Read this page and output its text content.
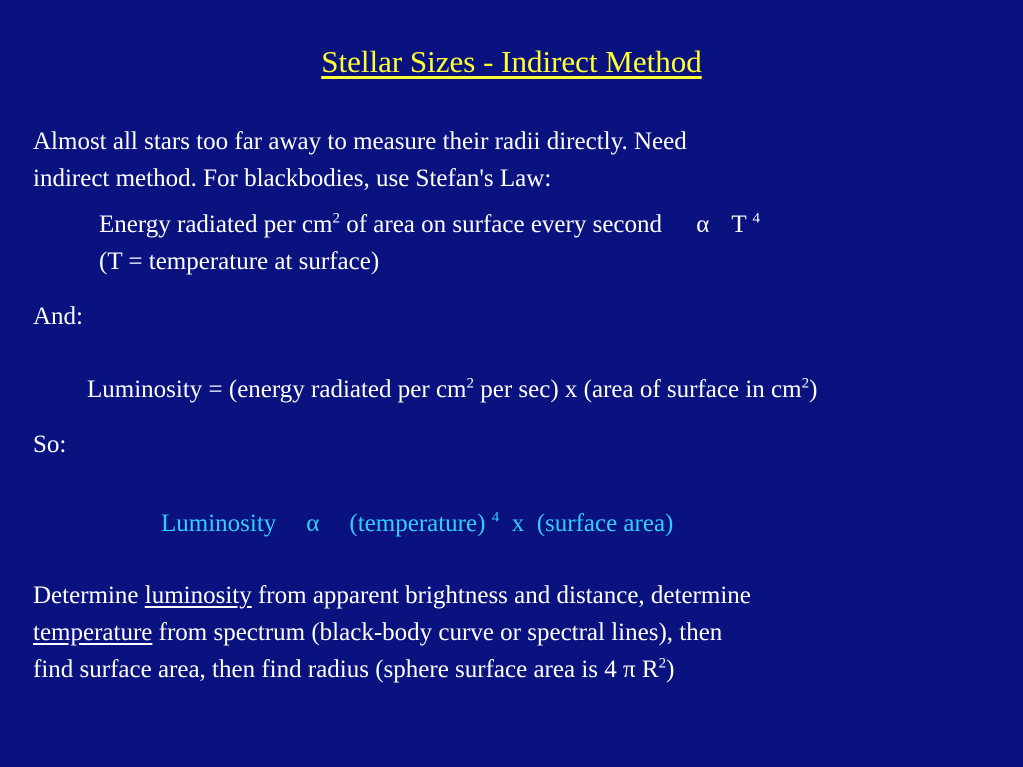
Stellar Sizes - Indirect Method
Almost all stars too far away to measure their radii directly. Need
indirect method. For blackbodies, use Stefan's Law:
Energy radiated per $cm^2$ of area on surface every second α T $^4$
(T = temperature at surface)
And:
Luminosity = (energy radiated per $cm^2$ per sec) x (area of surface in $cm^2$)
So:
Luminosity α (temperature) $^4$ x (surface area)
Determine luminosity from apparent brightness and distance, determine
temperature from spectrum (black-body curve or spectral lines), then
find surface area, then find radius (sphere surface area is 4 π $R^2$)
